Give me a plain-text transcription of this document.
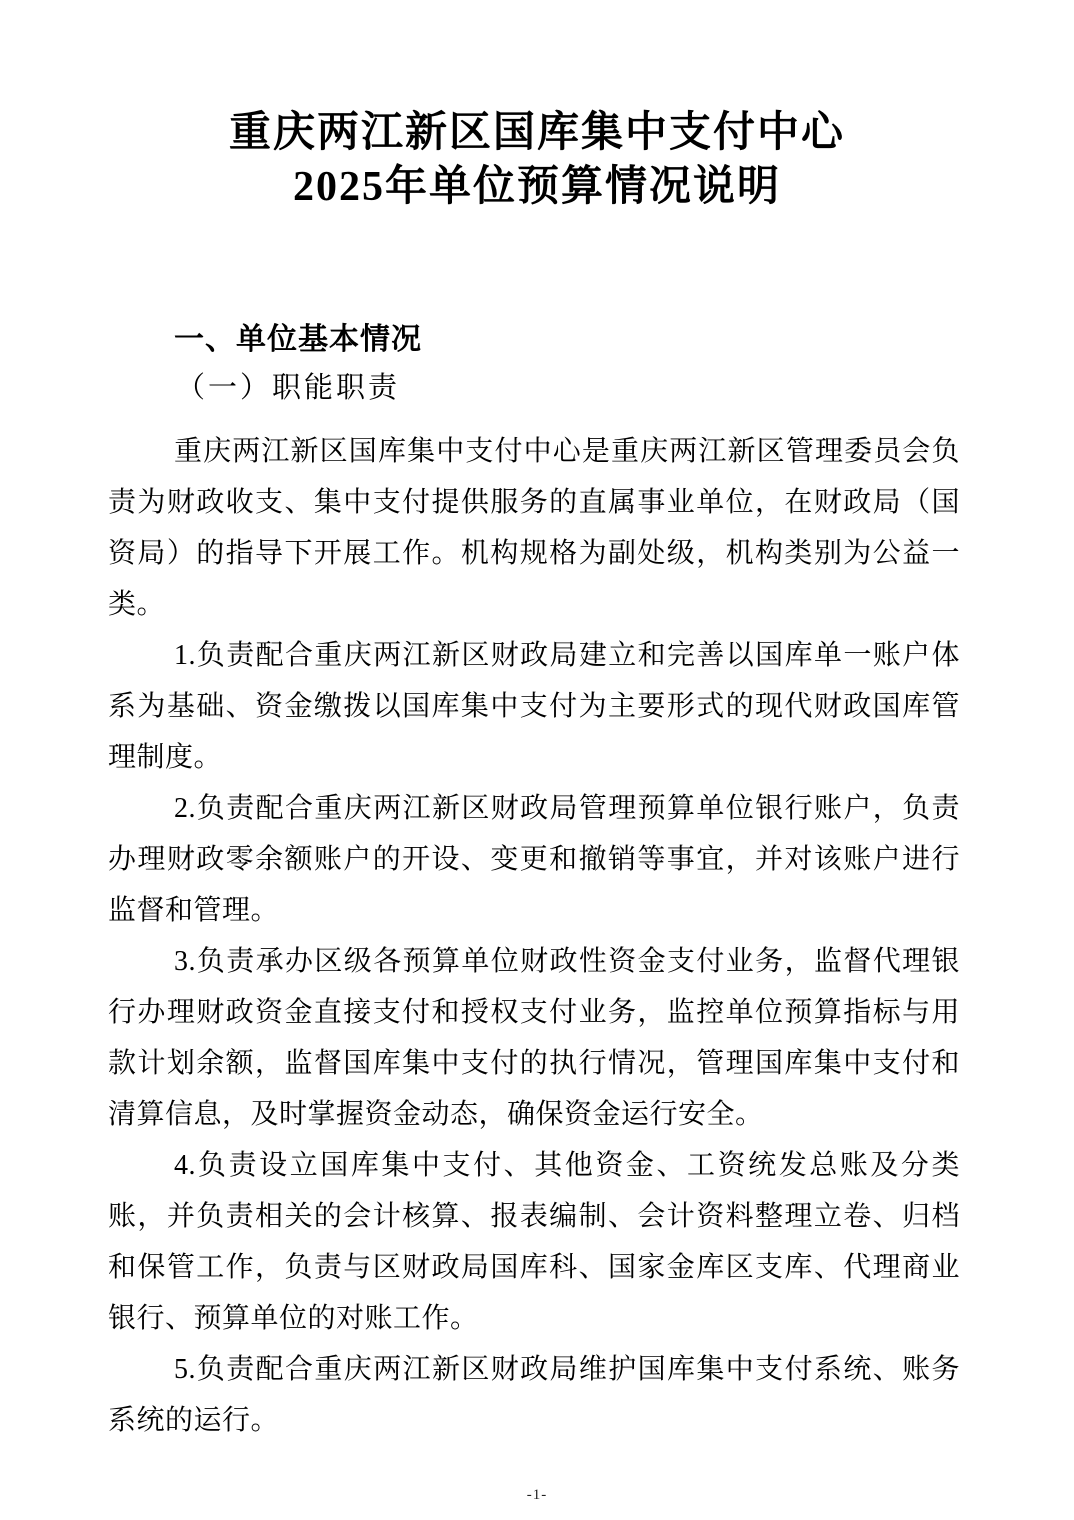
重庆两江新区国库集中支付中心
2025年单位预算情况说明
一、单位基本情况
（一）职能职责

重庆两江新区国库集中支付中心是重庆两江新区管理委员会负责为财政收支、集中支付提供服务的直属事业单位，在财政局（国资局）的指导下开展工作。机构规格为副处级，机构类别为公益一类。

1.负责配合重庆两江新区财政局建立和完善以国库单一账户体系为基础、资金缴拨以国库集中支付为主要形式的现代财政国库管理制度。

2.负责配合重庆两江新区财政局管理预算单位银行账户，负责办理财政零余额账户的开设、变更和撤销等事宜，并对该账户进行监督和管理。

3.负责承办区级各预算单位财政性资金支付业务，监督代理银行办理财政资金直接支付和授权支付业务，监控单位预算指标与用款计划余额，监督国库集中支付的执行情况，管理国库集中支付和清算信息，及时掌握资金动态，确保资金运行安全。

4.负责设立国库集中支付、其他资金、工资统发总账及分类账，并负责相关的会计核算、报表编制、会计资料整理立卷、归档和保管工作，负责与区财政局国库科、国家金库区支库、代理商业银行、预算单位的对账工作。

5.负责配合重庆两江新区财政局维护国库集中支付系统、账务系统的运行。

-1-
